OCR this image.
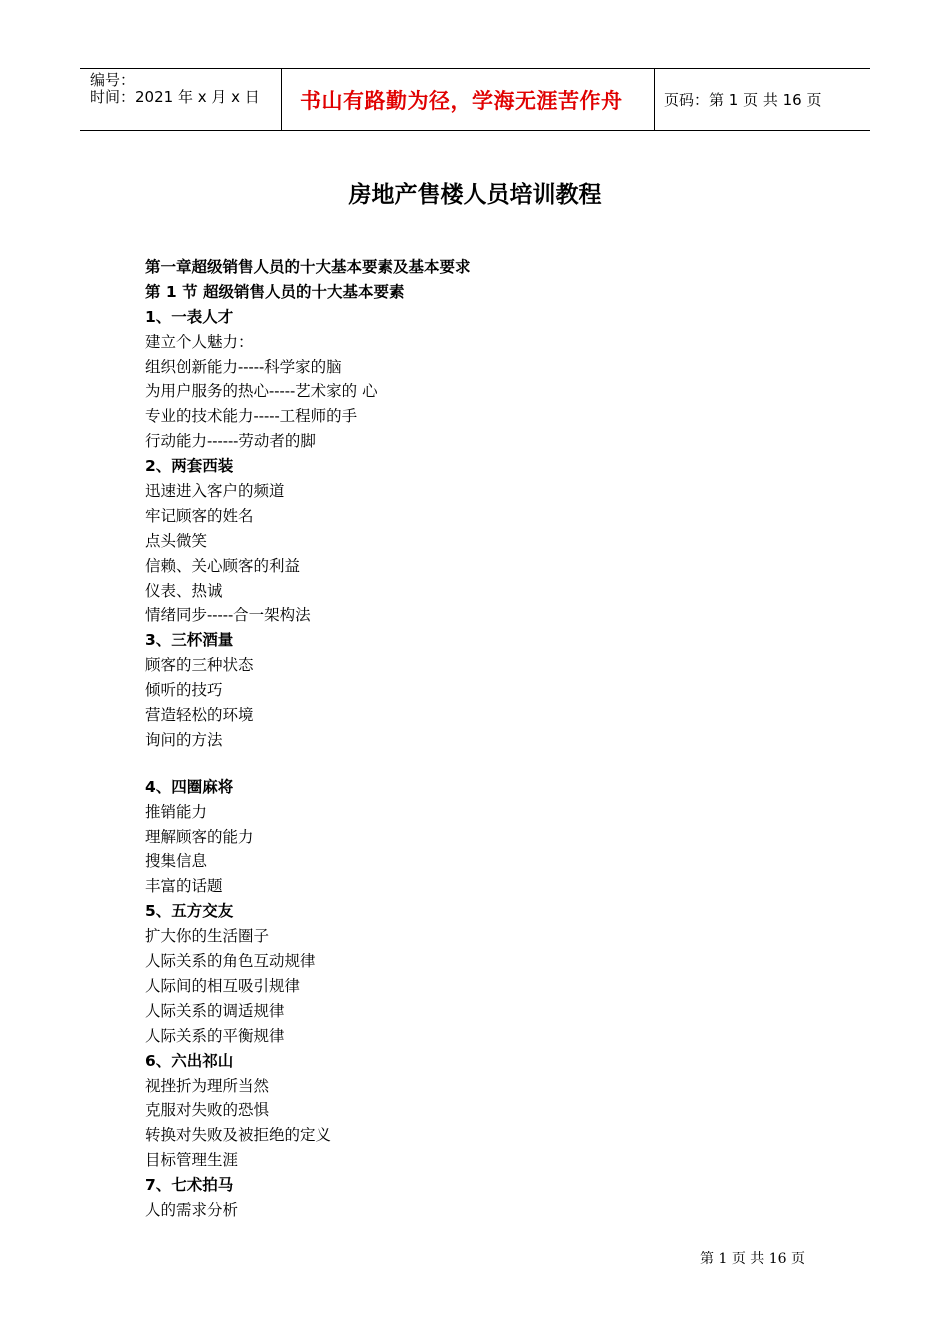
编号：
时间：2021 年 x 月 x 日	书山有路勤为径，学海无涯苦作舟	页码：第 1 页 共 16 页
房地产售楼人员培训教程
第一章超级销售人员的十大基本要素及基本要求
第 1 节 超级销售人员的十大基本要素
1、一表人才
建立个人魅力：
组织创新能力-----科学家的脑
为用户服务的热心-----艺术家的 心
专业的技术能力-----工程师的手
行动能力------劳动者的脚
2、两套西装
迅速进入客户的频道
牢记顾客的姓名
点头微笑
信赖、关心顾客的利益
仪表、热诚
情绪同步-----合一架构法
3、三杯酒量
顾客的三种状态
倾听的技巧
营造轻松的环境
询问的方法
4、四圈麻将
推销能力
理解顾客的能力
搜集信息
丰富的话题
5、五方交友
扩大你的生活圈子
人际关系的角色互动规律
人际间的相互吸引规律
人际关系的调适规律
人际关系的平衡规律
6、六出祁山
视挫折为理所当然
克服对失败的恐惧
转换对失败及被拒绝的定义
目标管理生涯
7、七术拍马
人的需求分析
第 1 页 共 16 页
